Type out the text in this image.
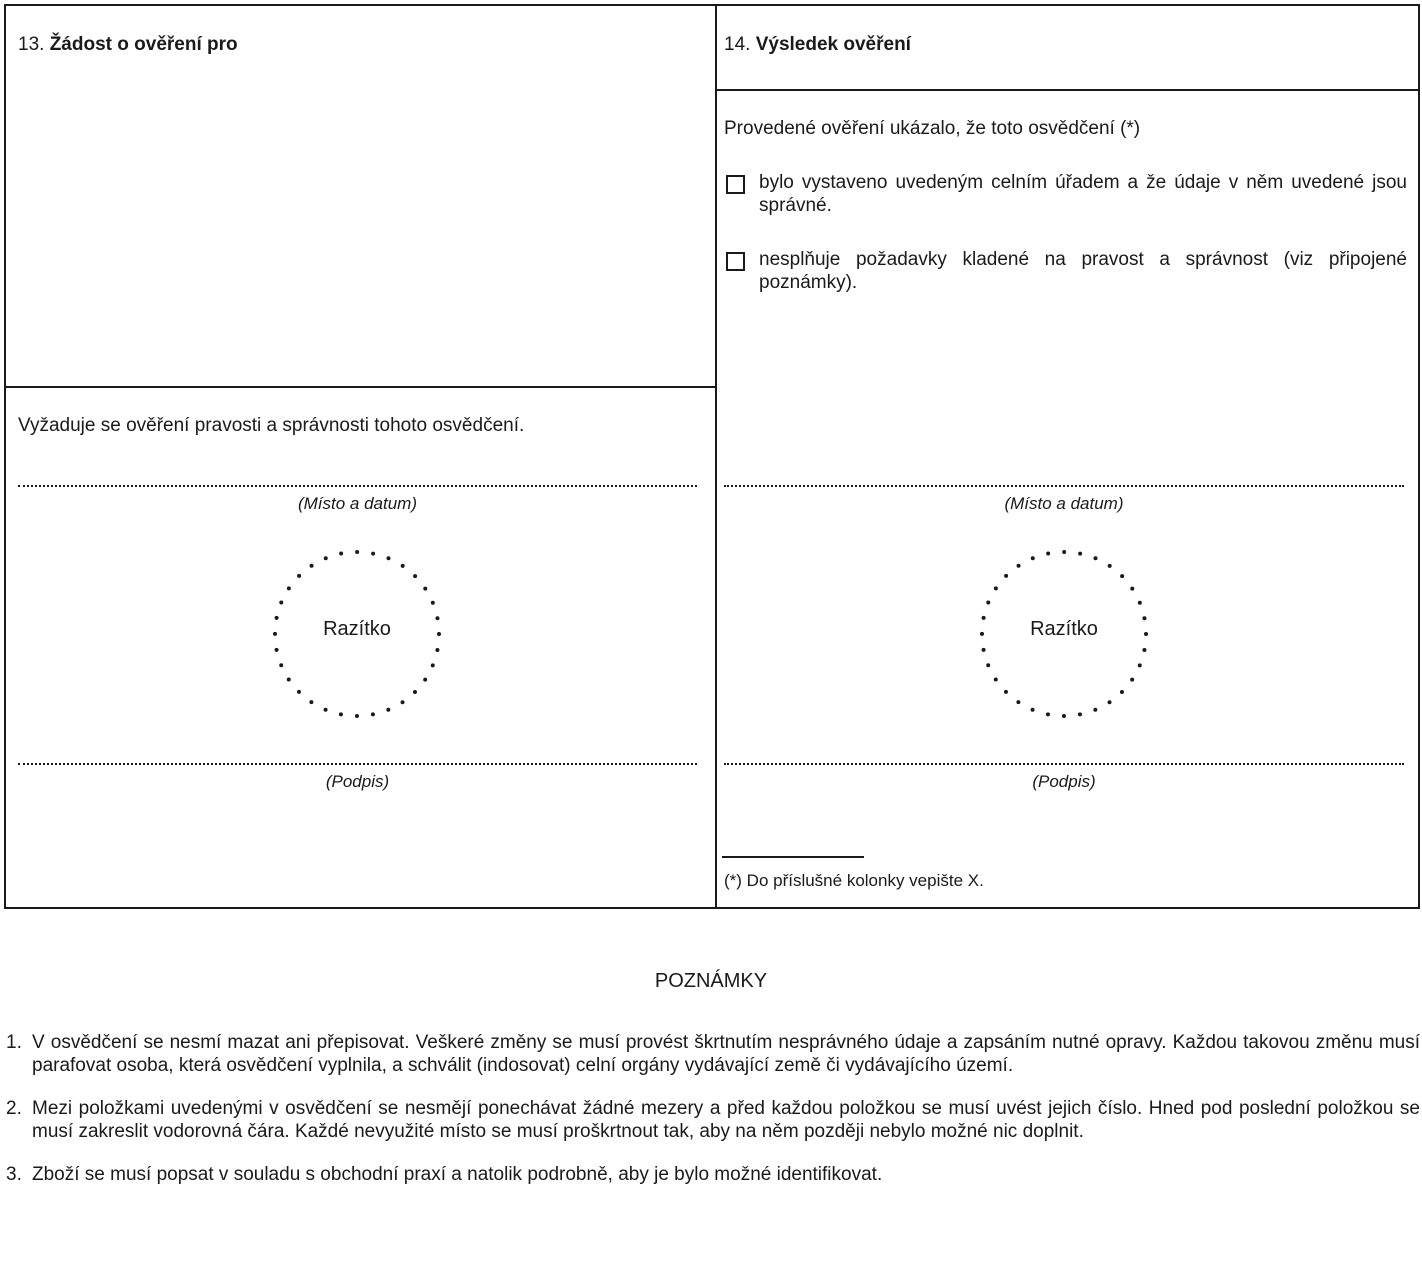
13. Žádost o ověření pro
Vyžaduje se ověření pravosti a správnosti tohoto osvědčení.
(Místo a datum)
Razítko
(Podpis)
14. Výsledek ověření
Provedené ověření ukázalo, že toto osvědčení (*)
bylo vystaveno uvedeným celním úřadem a že údaje v něm uvedené jsou správné.
nesplňuje požadavky kladené na pravost a správnost (viz připojené poznámky).
(Místo a datum)
Razítko
(Podpis)
(*) Do příslušné kolonky vepište X.
POZNÁMKY
1. V osvědčení se nesmí mazat ani přepisovat. Veškeré změny se musí provést škrtnutím nesprávného údaje a zapsáním nutné opravy. Každou takovou změnu musí parafovat osoba, která osvědčení vyplnila, a schválit (indosovat) celní orgány vydávající země či vydávajícího území.
2. Mezi položkami uvedenými v osvědčení se nesmějí ponechávat žádné mezery a před každou položkou se musí uvést jejich číslo. Hned pod poslední položkou se musí zakreslit vodorovná čára. Každé nevyužité místo se musí proškrtnout tak, aby na něm později nebylo možné nic doplnit.
3. Zboží se musí popsat v souladu s obchodní praxí a natolik podrobně, aby je bylo možné identifikovat.
